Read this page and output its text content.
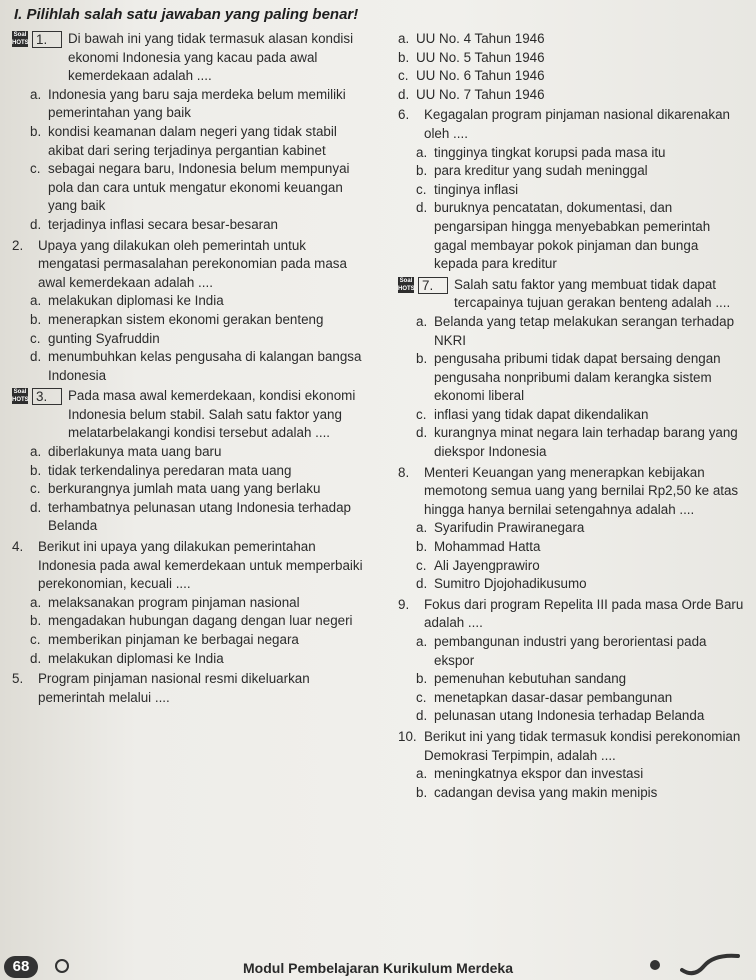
I. Pilihlah salah satu jawaban yang paling benar!
Soal HOTS 1.	Di bawah ini yang tidak termasuk alasan kondisi ekonomi Indonesia yang kacau pada awal kemerdekaan adalah ....
a. Indonesia yang baru saja merdeka belum memiliki pemerintahan yang baik
b. kondisi keamanan dalam negeri yang tidak stabil akibat dari sering terjadinya pergantian kabinet
c. sebagai negara baru, Indonesia belum mempunyai pola dan cara untuk mengatur ekonomi keuangan yang baik
d. terjadinya inflasi secara besar-besaran
2.	Upaya yang dilakukan oleh pemerintah untuk mengatasi permasalahan perekonomian pada masa awal kemerdekaan adalah ....
a. melakukan diplomasi ke India
b. menerapkan sistem ekonomi gerakan benteng
c. gunting Syafruddin
d. menumbuhkan kelas pengusaha di kalangan bangsa Indonesia
Soal HOTS 3.	Pada masa awal kemerdekaan, kondisi ekonomi Indonesia belum stabil. Salah satu faktor yang melatarbelakangi kondisi tersebut adalah ....
a. diberlakunya mata uang baru
b. tidak terkendalinya peredaran mata uang
c. berkurangnya jumlah mata uang yang berlaku
d. terhambatnya pelunasan utang Indonesia terhadap Belanda
4.	Berikut ini upaya yang dilakukan pemerintahan Indonesia pada awal kemerdekaan untuk memperbaiki perekonomian, kecuali ....
a. melaksanakan program pinjaman nasional
b. mengadakan hubungan dagang dengan luar negeri
c. memberikan pinjaman ke berbagai negara
d. melakukan diplomasi ke India
5.	Program pinjaman nasional resmi dikeluarkan pemerintah melalui ....
a. UU No. 4 Tahun 1946
b. UU No. 5 Tahun 1946
c. UU No. 6 Tahun 1946
d. UU No. 7 Tahun 1946
6.	Kegagalan program pinjaman nasional dikarenakan oleh ....
a. tingginya tingkat korupsi pada masa itu
b. para kreditur yang sudah meninggal
c. tinginya inflasi
d. buruknya pencatatan, dokumentasi, dan pengarsipan hingga menyebabkan pemerintah gagal membayar pokok pinjaman dan bunga kepada para kreditur
Soal HOTS 7.	Salah satu faktor yang membuat tidak dapat tercapainya tujuan gerakan benteng adalah ....
a. Belanda yang tetap melakukan serangan terhadap NKRI
b. pengusaha pribumi tidak dapat bersaing dengan pengusaha nonpribumi dalam kerangka sistem ekonomi liberal
c. inflasi yang tidak dapat dikendalikan
d. kurangnya minat negara lain terhadap barang yang diekspor Indonesia
8.	Menteri Keuangan yang menerapkan kebijakan memotong semua uang yang bernilai Rp2,50 ke atas hingga hanya bernilai setengahnya adalah ....
a. Syarifudin Prawiranegara
b. Mohammad Hatta
c. Ali Jayengprawiro
d. Sumitro Djojohadikusumo
9.	Fokus dari program Repelita III pada masa Orde Baru adalah ....
a. pembangunan industri yang berorientasi pada ekspor
b. pemenuhan kebutuhan sandang
c. menetapkan dasar-dasar pembangunan
d. pelunasan utang Indonesia terhadap Belanda
10. Berikut ini yang tidak termasuk kondisi perekonomian Demokrasi Terpimpin, adalah ....
a. meningkatnya ekspor dan investasi
b. cadangan devisa yang makin menipis
68	Modul Pembelajaran Kurikulum Merdeka
